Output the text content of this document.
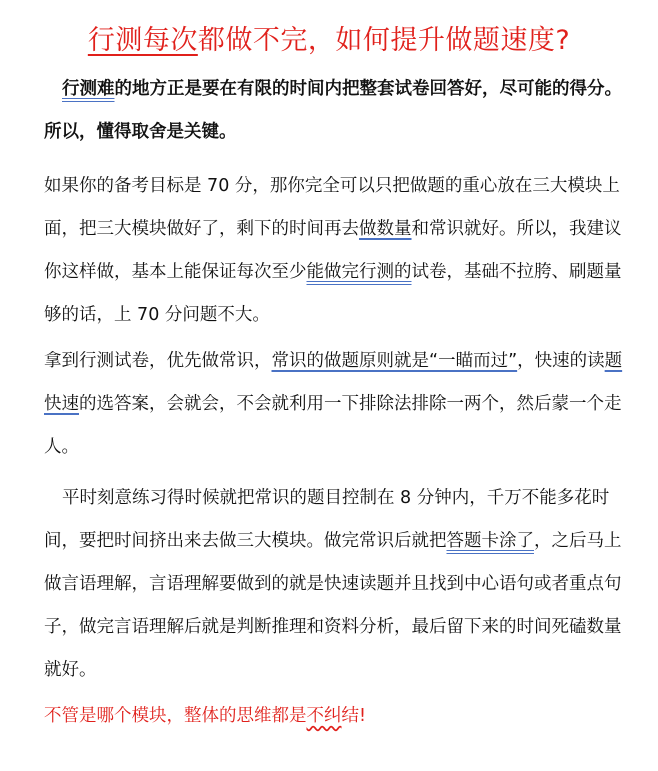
行测每次都做不完，如何提升做题速度?

行测难的地方正是要在有限的时间内把整套试卷回答好，尽可能的得分。所以，懂得取舍是关键。

如果你的备考目标是 70 分，那你完全可以只把做题的重心放在三大模块上面，把三大模块做好了，剩下的时间再去做数量和常识就好。所以，我建议你这样做，基本上能保证每次至少能做完行测的试卷，基础不拉胯、刷题量够的话，上 70 分问题不大。

拿到行测试卷，优先做常识，常识的做题原则就是“一瞄而过”，快速的读题快速的选答案，会就会，不会就利用一下排除法排除一两个，然后蒙一个走人。

平时刻意练习得时候就把常识的题目控制在 8 分钟内，千万不能多花时间，要把时间挤出来去做三大模块。做完常识后就把答题卡涂了，之后马上做言语理解，言语理解要做到的就是快速读题并且找到中心语句或者重点句子，做完言语理解后就是判断推理和资料分析，最后留下来的时间死磕数量就好。

不管是哪个模块，整体的思维都是不纠结!
